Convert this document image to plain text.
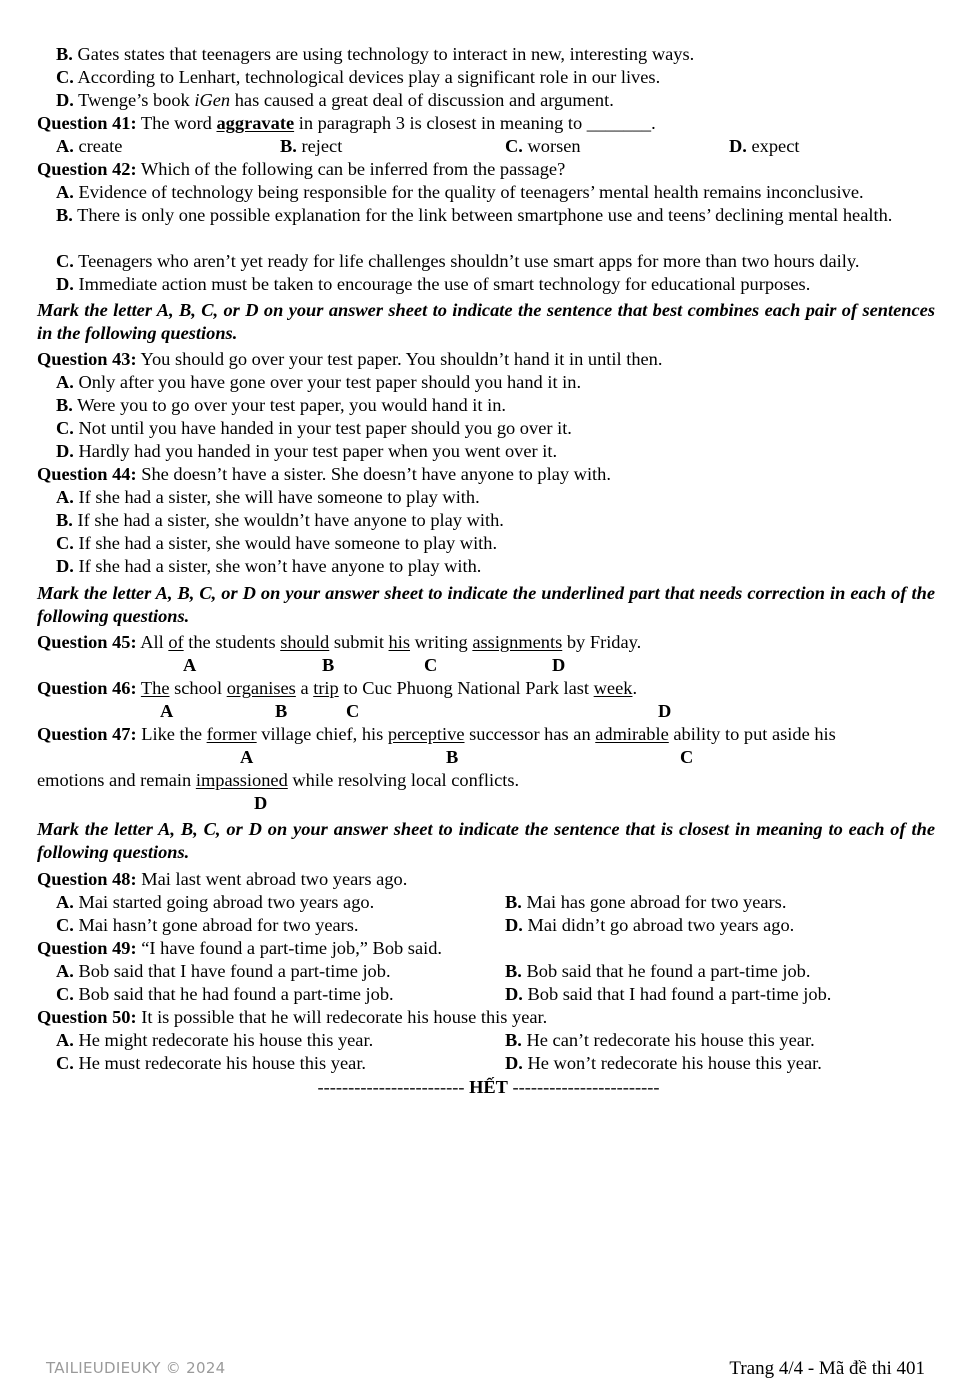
B. Gates states that teenagers are using technology to interact in new, interesting ways.
C. According to Lenhart, technological devices play a significant role in our lives.
D. Twenge’s book iGen has caused a great deal of discussion and argument.
Question 41: The word aggravate in paragraph 3 is closest in meaning to _______.
A. create	B. reject	C. worsen	D. expect
Question 42: Which of the following can be inferred from the passage?
A. Evidence of technology being responsible for the quality of teenagers’ mental health remains inconclusive.
B. There is only one possible explanation for the link between smartphone use and teens’ declining mental health.
C. Teenagers who aren’t yet ready for life challenges shouldn’t use smart apps for more than two hours daily.
D. Immediate action must be taken to encourage the use of smart technology for educational purposes.
Mark the letter A, B, C, or D on your answer sheet to indicate the sentence that best combines each pair of sentences in the following questions.
Question 43: You should go over your test paper. You shouldn’t hand it in until then.
A. Only after you have gone over your test paper should you hand it in.
B. Were you to go over your test paper, you would hand it in.
C. Not until you have handed in your test paper should you go over it.
D. Hardly had you handed in your test paper when you went over it.
Question 44: She doesn’t have a sister. She doesn’t have anyone to play with.
A. If she had a sister, she will have someone to play with.
B. If she had a sister, she wouldn’t have anyone to play with.
C. If she had a sister, she would have someone to play with.
D. If she had a sister, she won’t have anyone to play with.
Mark the letter A, B, C, or D on your answer sheet to indicate the underlined part that needs correction in each of the following questions.
Question 45: All of the students should submit his writing assignments by Friday.
A	B	C	D
Question 46: The school organises a trip to Cuc Phuong National Park last week.
A	B	C	D
Question 47: Like the former village chief, his perceptive successor has an admirable ability to put aside his
A	B	C
emotions and remain impassioned while resolving local conflicts.
D
Mark the letter A, B, C, or D on your answer sheet to indicate the sentence that is closest in meaning to each of the following questions.
Question 48: Mai last went abroad two years ago.
A. Mai started going abroad two years ago.	B. Mai has gone abroad for two years.
C. Mai hasn’t gone abroad for two years.	D. Mai didn’t go abroad two years ago.
Question 49: “I have found a part-time job,” Bob said.
A. Bob said that I have found a part-time job.	B. Bob said that he found a part-time job.
C. Bob said that he had found a part-time job.	D. Bob said that I had found a part-time job.
Question 50: It is possible that he will redecorate his house this year.
A. He might redecorate his house this year.	B. He can’t redecorate his house this year.
C. He must redecorate his house this year.	D. He won’t redecorate his house this year.
------------------------ HẾT ------------------------
TAILIEUDIEUKY © 2024	Trang 4/4 - Mã đề thi 401
